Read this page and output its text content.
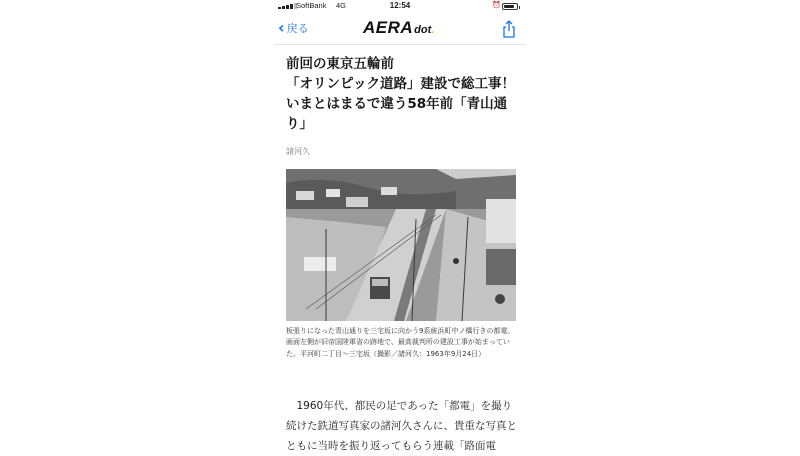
SoftBank 4G	12:54	⏰
‹ 戻る	AERA dot.
前回の東京五輪前
「オリンピック道路」建設で総工事！　いまとはまるで違う58年前「青山通り」
諸河久

板張りになった青山通りを三宅坂に向かう9系統浜町中ノ橋行きの都電。画面左側が旧帝国陸軍省の跡地で、最高裁判所の建設工事が始まっていた。平河町二丁目〜三宅坂（撮影／諸河久：1963年9月24日）

　1960年代、都民の足であった「都電」を撮り続けた鉄道写真家の諸河久さんに、貴重な写真とともに当時を振り返ってもらう連載「路面電
